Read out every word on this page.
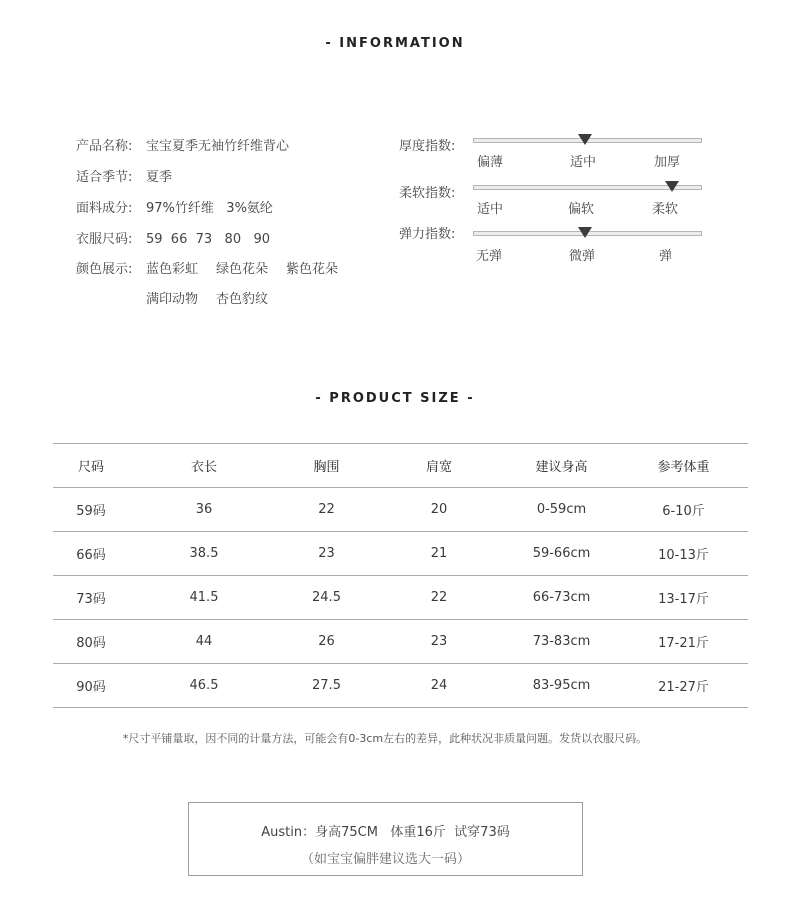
- INFORMATION
产品名称: 宝宝夏季无袖竹纤维背心
适合季节: 夏季
面料成分: 97%竹纤维   3%氨纶
衣服尺码: 59  66  73   80   90
颜色展示: 蓝色彩虹 绿色花朵 紫色花朵
满印动物 杏色豹纹
厚度指数:
偏薄	适中	加厚
柔软指数:
适中	偏软	柔软
弹力指数:
无弹	微弹	弹
- PRODUCT SIZE -
尺码	衣长	胸围	肩宽	建议身高	参考体重
59码	36	22	20	0-59cm	6-10斤
66码	38.5	23	21	59-66cm	10-13斤
73码	41.5	24.5	22	66-73cm	13-17斤
80码	44	26	23	73-83cm	17-21斤
90码	46.5	27.5	24	83-95cm	21-27斤
*尺寸平铺量取，因不同的计量方法，可能会有0-3cm左右的差异，此种状况非质量问题。发货以衣服尺码。
Austin：身高75CM   体重16斤  试穿73码
（如宝宝偏胖建议选大一码）
